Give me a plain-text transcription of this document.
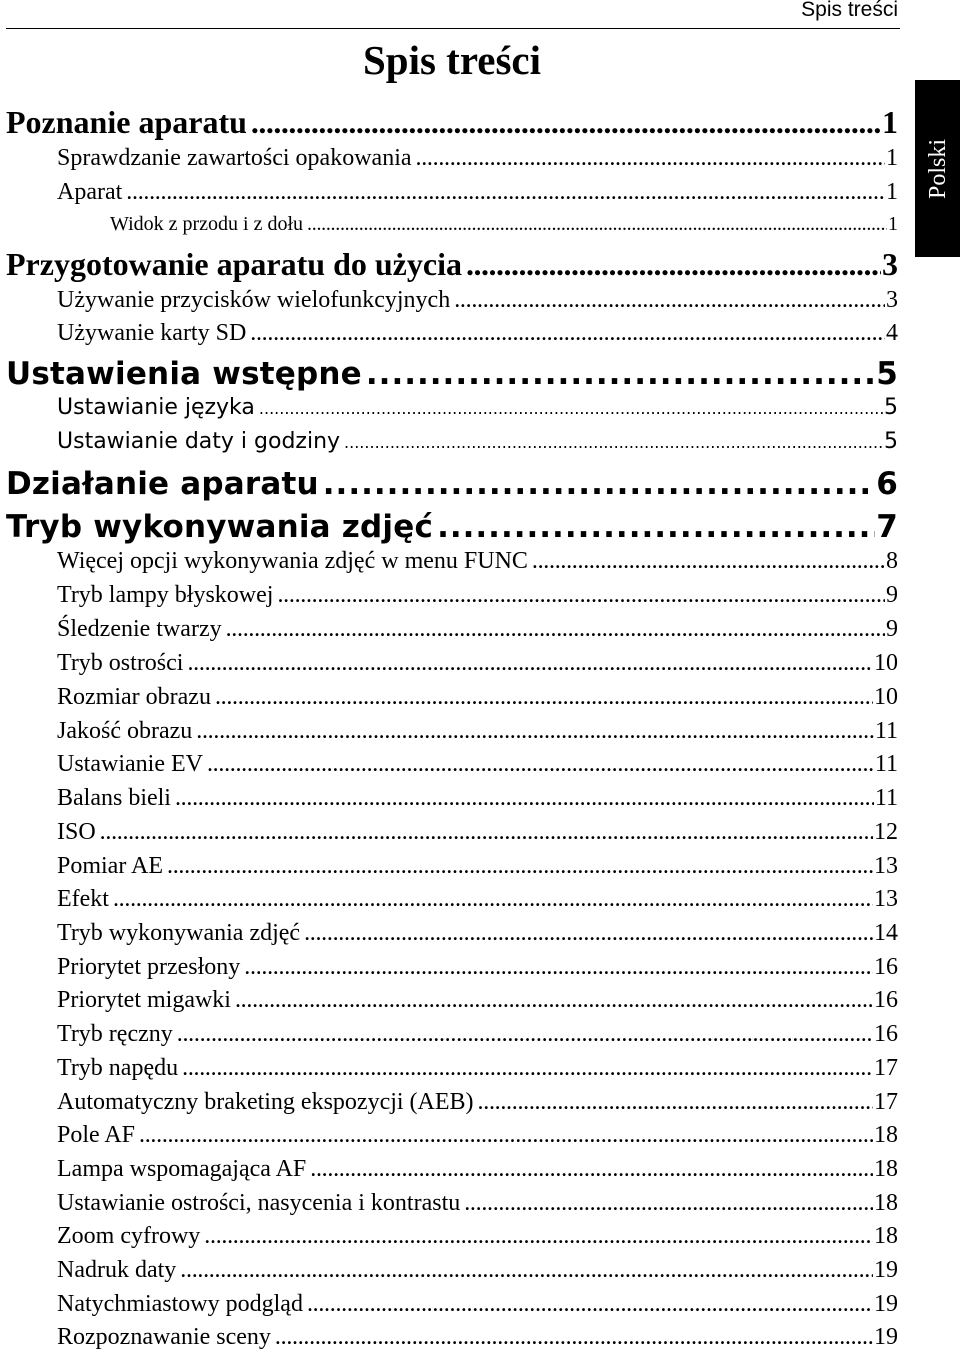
Spis treści
Polski
Spis treści
Poznanie aparatu .....	1
Sprawdzanie zawartości opakowania .....	1
Aparat .....	1
Widok z przodu i z dołu .....	1
Przygotowanie aparatu do użycia .....	3
Używanie przycisków wielofunkcyjnych .....	3
Używanie karty SD .....	4
Ustawienia wstępne .....	5
Ustawianie języka .....	5
Ustawianie daty i godziny .....	5
Działanie aparatu .....	6
Tryb wykonywania zdjęć .....	7
Więcej opcji wykonywania zdjęć w menu FUNC .....	8
Tryb lampy błyskowej .....	9
Śledzenie twarzy .....	9
Tryb ostrości .....	10
Rozmiar obrazu .....	10
Jakość obrazu .....	11
Ustawianie EV .....	11
Balans bieli .....	11
ISO .....	12
Pomiar AE .....	13
Efekt .....	13
Tryb wykonywania zdjęć .....	14
Priorytet przesłony .....	16
Priorytet migawki .....	16
Tryb ręczny .....	16
Tryb napędu .....	17
Automatyczny braketing ekspozycji (AEB) .....	17
Pole AF .....	18
Lampa wspomagająca AF .....	18
Ustawianie ostrości, nasycenia i kontrastu .....	18
Zoom cyfrowy .....	18
Nadruk daty .....	19
Natychmiastowy podgląd .....	19
Rozpoznawanie sceny .....	19
